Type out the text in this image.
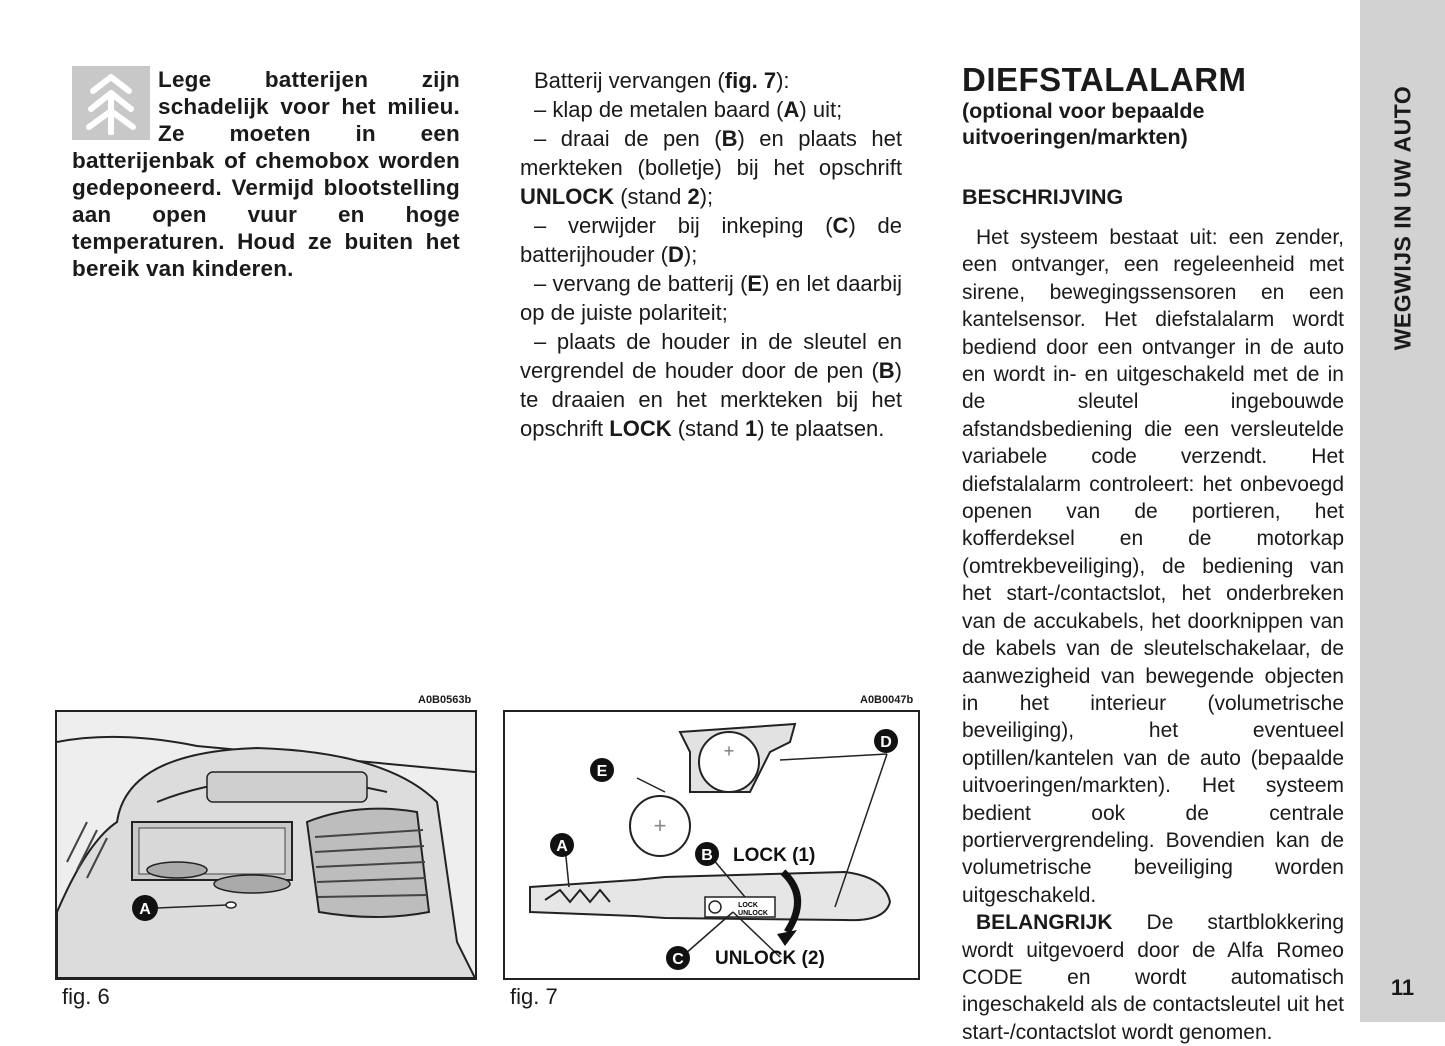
Lege batterijen zijn schadelijk voor het milieu. Ze moeten in een batterijenbak of chemobox worden gedeponeerd. Vermijd blootstelling aan open vuur en hoge temperaturen. Houd ze buiten het bereik van kinderen.

Batterij vervangen (fig. 7):

– klap de metalen baard (A) uit;

– draai de pen (B) en plaats het merkteken (bolletje) bij het opschrift UNLOCK (stand 2);

– verwijder bij inkeping (C) de batterijhouder (D);

– vervang de batterij (E) en let daarbij op de juiste polariteit;

– plaats de houder in de sleutel en vergrendel de houder door de pen (B) te draaien en het merkteken bij het opschrift LOCK (stand 1) te plaatsen.

DIEFSTALALARM
(optional voor bepaalde uitvoeringen/markten)
BESCHRIJVING

Het systeem bestaat uit: een zender, een ontvanger, een regeleenheid met sirene, bewegingssensoren en een kantelsensor. Het diefstalalarm wordt bediend door een ontvanger in de auto en wordt in- en uitgeschakeld met de in de sleutel ingebouwde afstandsbediening die een versleutelde variabele code verzendt. Het diefstalalarm controleert: het onbevoegd openen van de portieren, het kofferdeksel en de motorkap (omtrekbeveiliging), de bediening van het start-/contactslot, het onderbreken van de accukabels, het doorknippen van de kabels van de sleutelschakelaar, de aanwezigheid van bewegende objecten in het interieur (volumetrische beveiliging), het eventueel optillen/kantelen van de auto (bepaalde uitvoeringen/markten). Het systeem bedient ook de centrale portiervergrendeling. Bovendien kan de volumetrische beveiliging worden uitgeschakeld.

BELANGRIJK De startblokkering wordt uitgevoerd door de Alfa Romeo CODE en wordt automatisch ingeschakeld als de contactsleutel uit het start-/contactslot wordt genomen.

A0B0563b
A
fig. 6
A0B0047b
+
+
LOCK
UNLOCK
D
E
A
B
C
LOCK (1)
UNLOCK (2)
fig. 7
WEGWIJS IN UW AUTO
11
